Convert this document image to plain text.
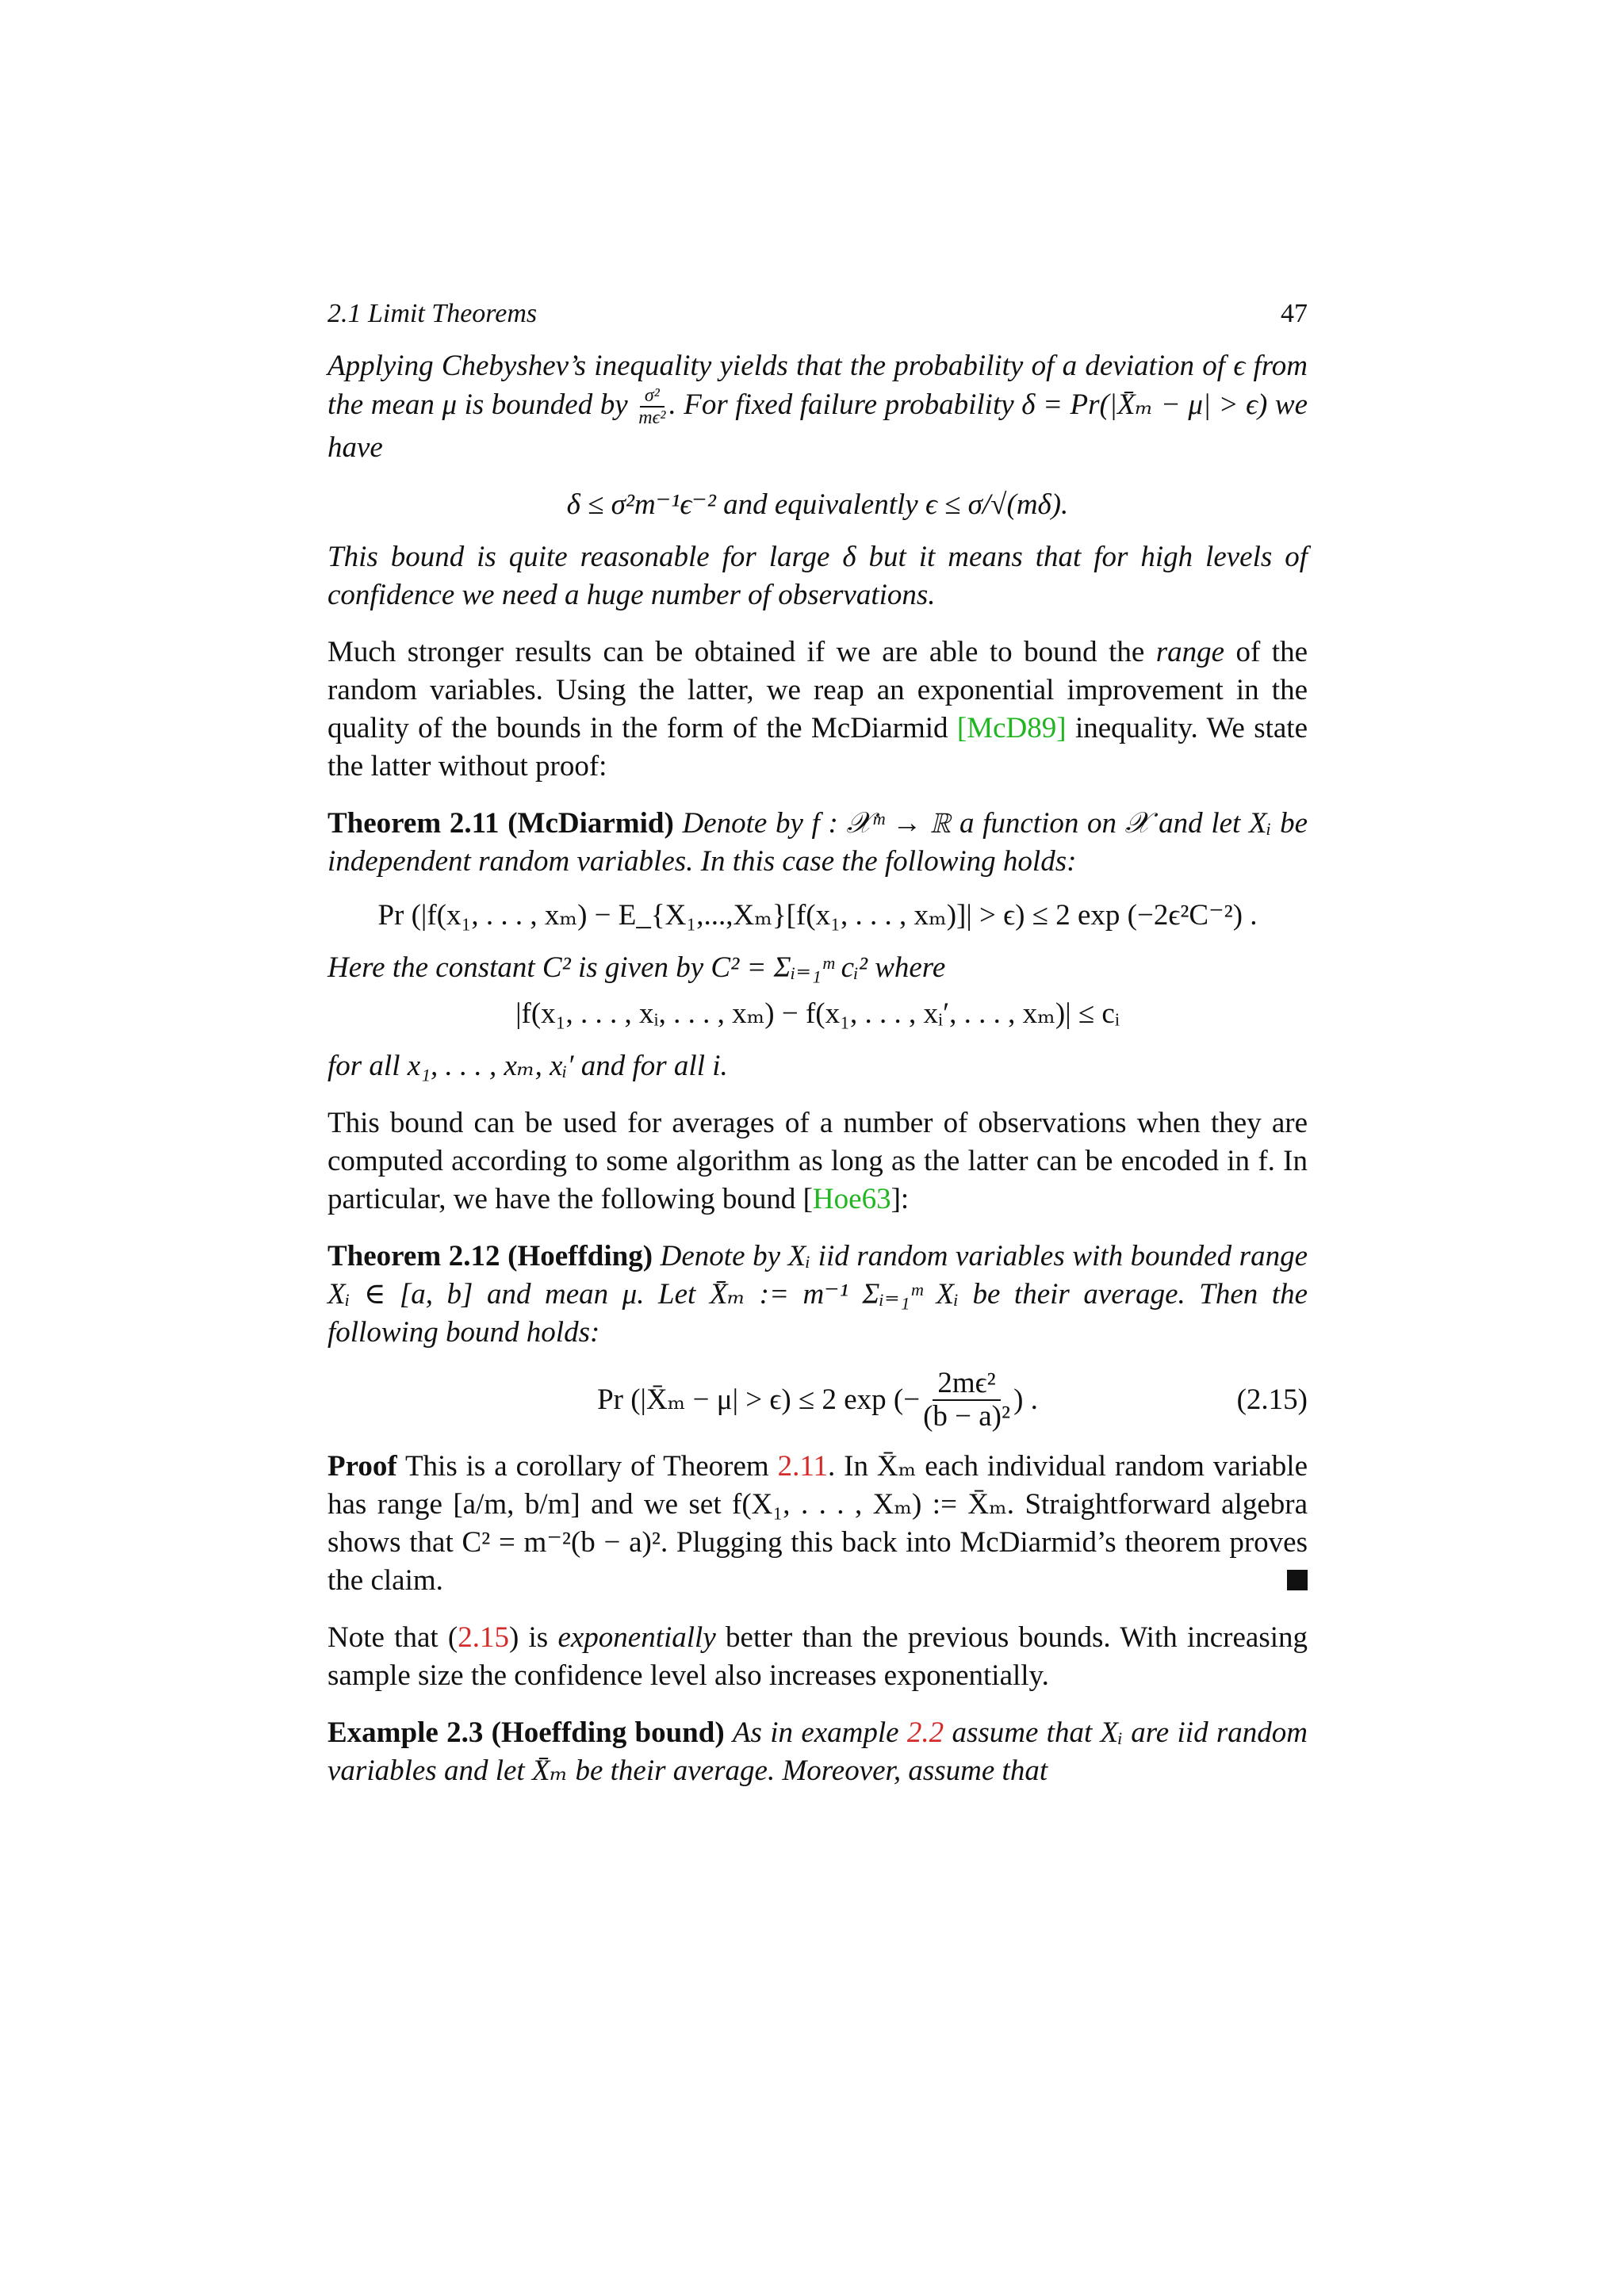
2.1 Limit Theorems	47

Applying Chebyshev’s inequality yields that the probability of a deviation of ϵ from the mean μ is bounded by $\frac{\text{σ²}}{\text{mϵ²}}$ . For fixed failure probability δ = Pr(|X̄ₘ − μ| > ϵ) we have

δ ≤ σ²m⁻¹ϵ⁻² and equivalently ϵ ≤ σ/√(mδ).

This bound is quite reasonable for large δ but it means that for high levels of confidence we need a huge number of observations.

Much stronger results can be obtained if we are able to bound the range of the random variables. Using the latter, we reap an exponential improvement in the quality of the bounds in the form of the McDiarmid [McD89] inequality. We state the latter without proof:

Theorem 2.11 (McDiarmid) Denote by f : 𝒳ᵐ → ℝ a function on 𝒳 and let Xᵢ be independent random variables. In this case the following holds:
Pr (|f(x₁, . . . , xₘ) − E_{X₁,...,Xₘ}[f(x₁, . . . , xₘ)]| > ϵ) ≤ 2 exp (−2ϵ²C⁻²) .

Here the constant C² is given by C² = Σᵢ₌₁ᵐ cᵢ² where

|f(x₁, . . . , xᵢ, . . . , xₘ) − f(x₁, . . . , xᵢ′, . . . , xₘ)| ≤ cᵢ

for all x₁, . . . , xₘ, xᵢ′ and for all i.

This bound can be used for averages of a number of observations when they are computed according to some algorithm as long as the latter can be encoded in f. In particular, we have the following bound [Hoe63]:

Theorem 2.12 (Hoeffding) Denote by Xᵢ iid random variables with bounded range Xᵢ ∈ [a, b] and mean μ. Let X̄ₘ := m⁻¹ Σᵢ₌₁ᵐ Xᵢ be their average. Then the following bound holds:
Pr (|X̄ₘ − μ| > ϵ) ≤ 2 exp (− $\frac{\text{2mϵ²}}{\text{(b − a)²}}$ ) .	(2.15)

Proof This is a corollary of Theorem 2.11. In X̄ₘ each individual random variable has range [a/m, b/m] and we set f(X₁, . . . , Xₘ) := X̄ₘ. Straightforward algebra shows that C² = m⁻²(b − a)². Plugging this back into McDiarmid’s theorem proves the claim.

Note that (2.15) is exponentially better than the previous bounds. With increasing sample size the confidence level also increases exponentially.

Example 2.3 (Hoeffding bound) As in example 2.2 assume that Xᵢ are iid random variables and let X̄ₘ be their average. Moreover, assume that
